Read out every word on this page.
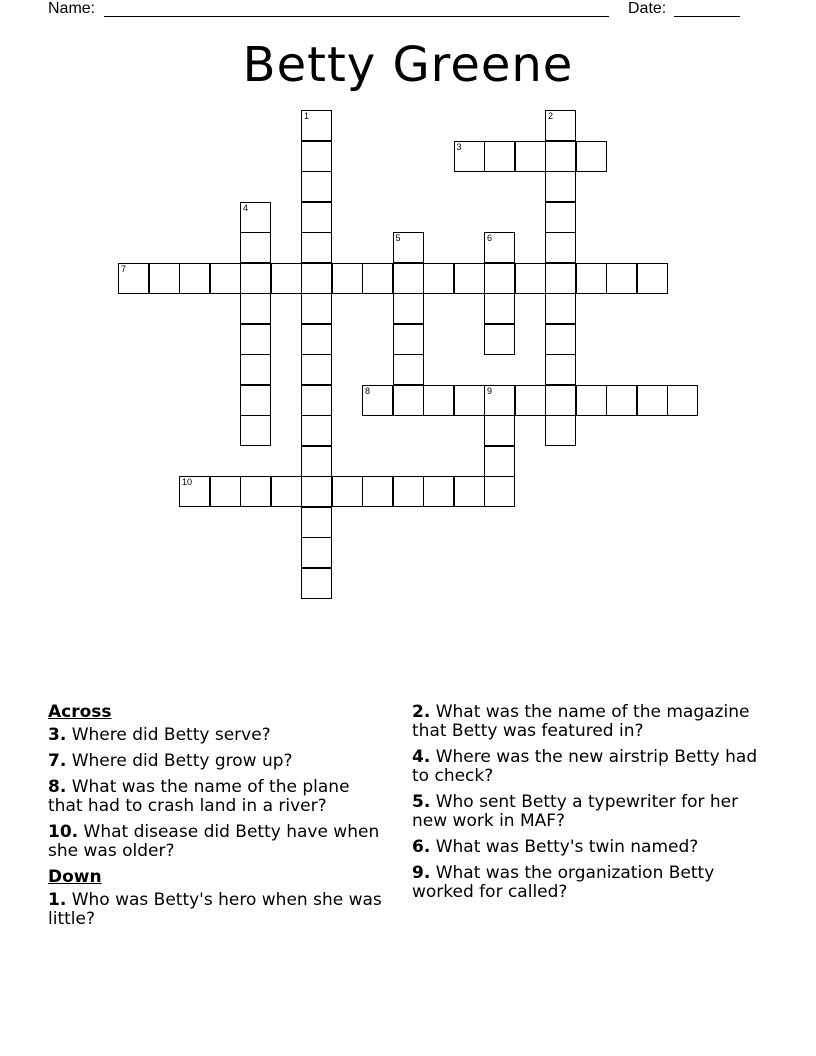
Name:	Date:
Betty Greene
3
7
8	9
10
1	2
4
5	6
Across
3. Where did Betty serve?
7. Where did Betty grow up?
8. What was the name of the plane that had to crash land in a river?
10. What disease did Betty have when she was older?
Down
1. Who was Betty's hero when she was little?
2. What was the name of the magazine that Betty was featured in?
4. Where was the new airstrip Betty had to check?
5. Who sent Betty a typewriter for her new work in MAF?
6. What was Betty's twin named?
9. What was the organization Betty worked for called?
